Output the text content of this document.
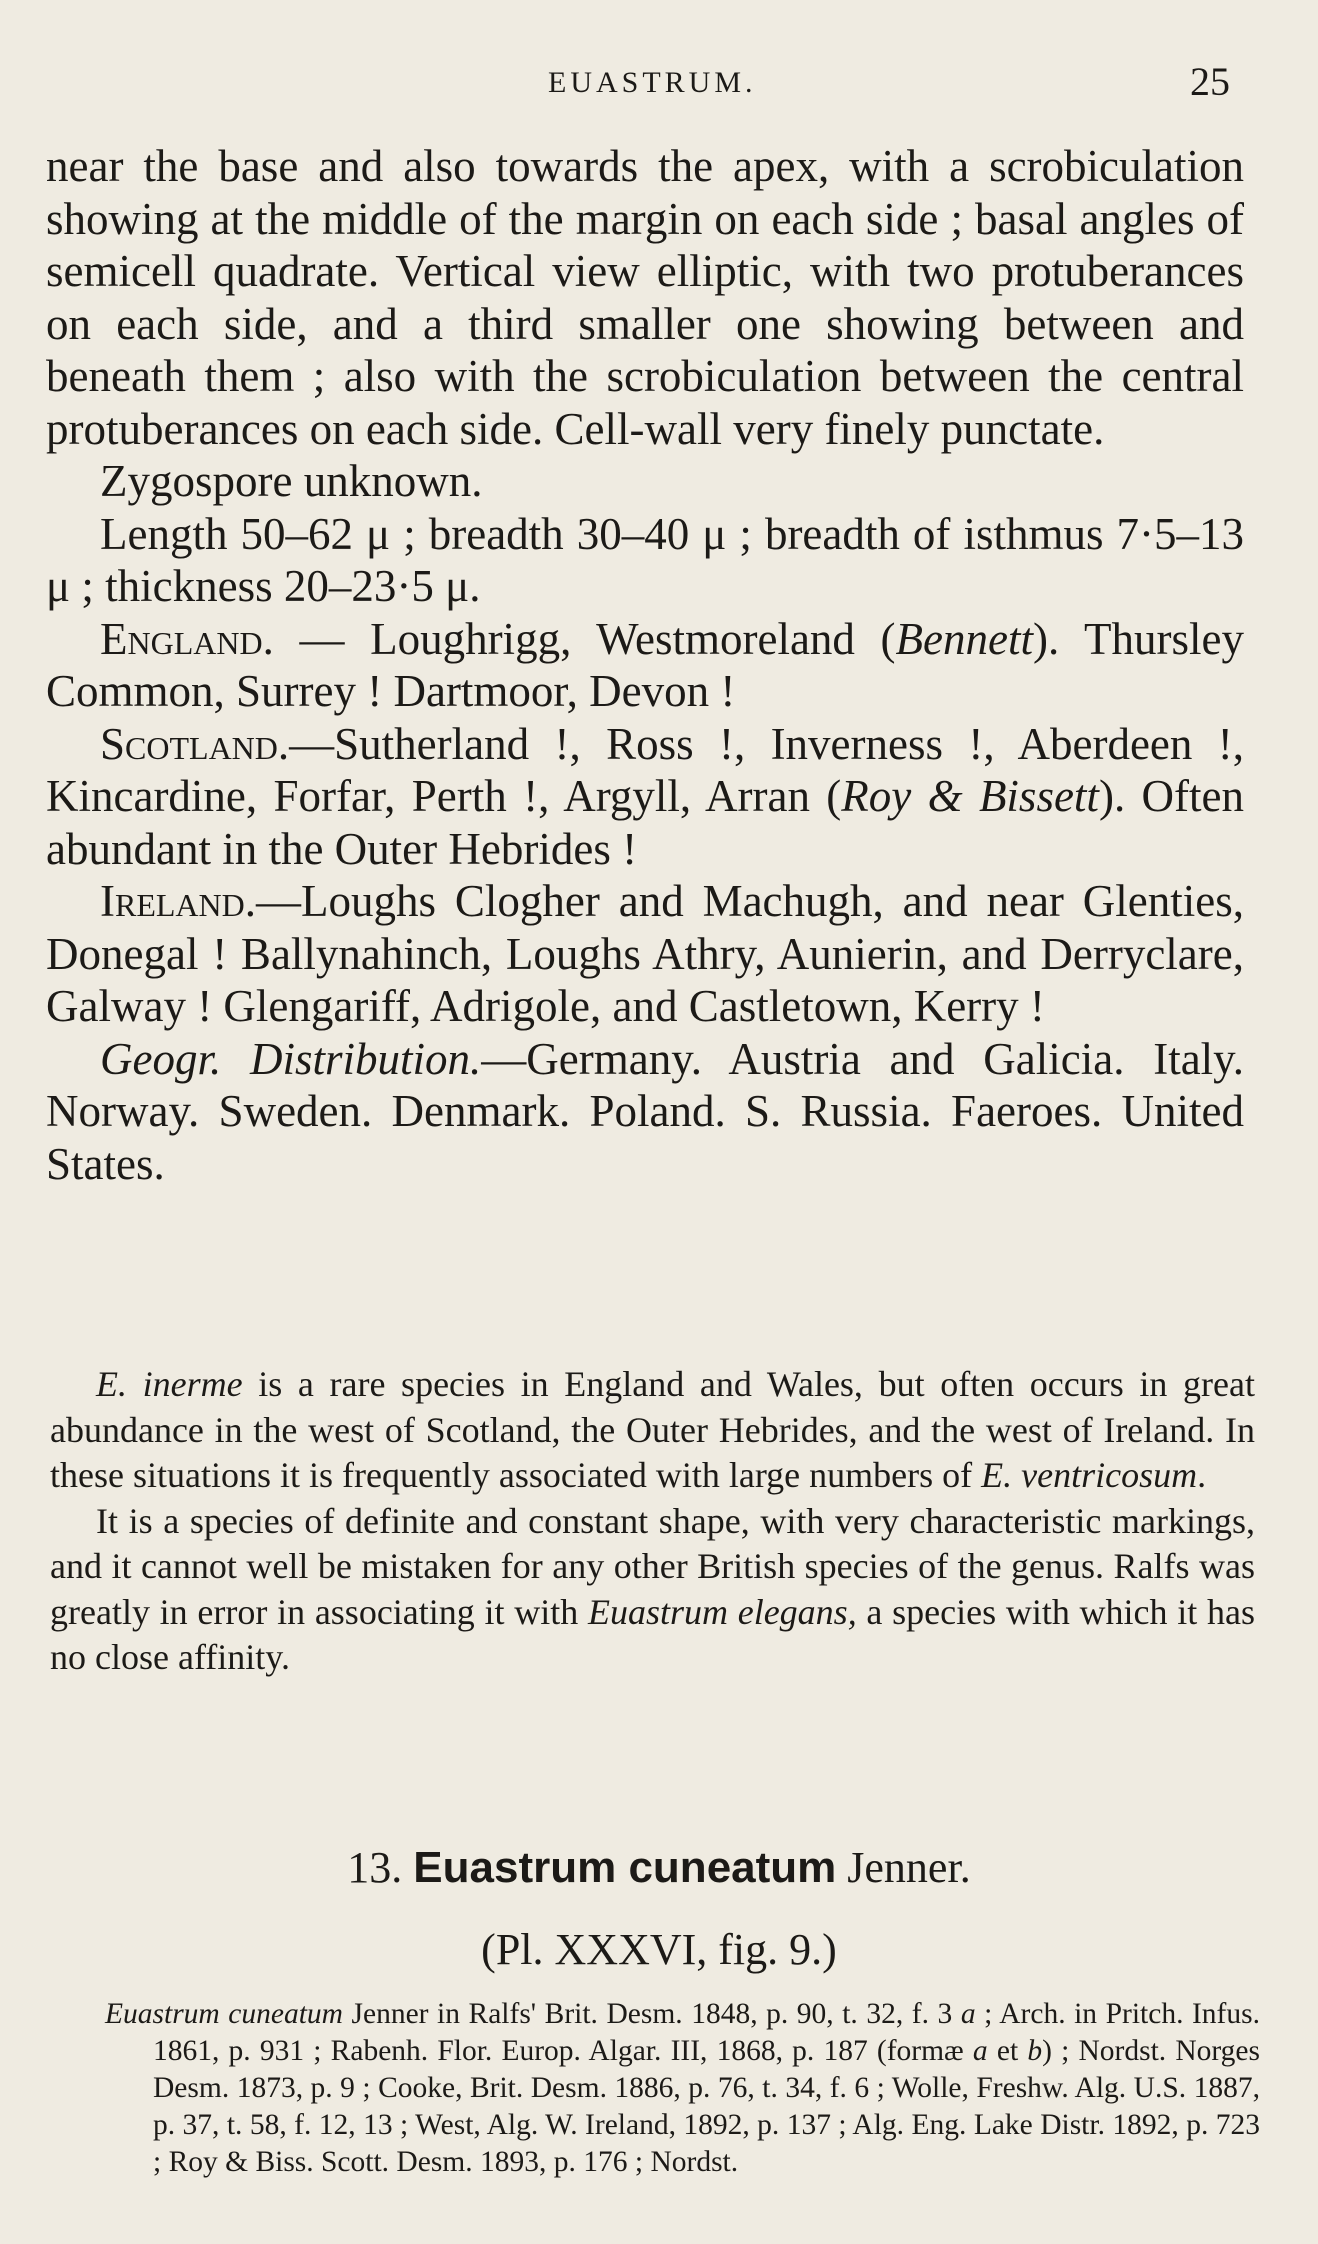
EUASTRUM.	25

near the base and also towards the apex, with a scrobiculation showing at the middle of the margin on each side ; basal angles of semicell quadrate. Vertical view elliptic, with two protuberances on each side, and a third smaller one showing between and beneath them ; also with the scrobiculation between the central protuberances on each side. Cell-wall very finely punctate.

Zygospore unknown.

Length 50–62 μ ; breadth 30–40 μ ; breadth of isthmus 7·5–13 μ ; thickness 20–23·5 μ.

England. — Loughrigg, Westmoreland (Bennett). Thursley Common, Surrey ! Dartmoor, Devon !

Scotland.—Sutherland !, Ross !, Inverness !, Aberdeen !, Kincardine, Forfar, Perth !, Argyll, Arran (Roy & Bissett). Often abundant in the Outer Hebrides !

Ireland.—Loughs Clogher and Machugh, and near Glenties, Donegal ! Ballynahinch, Loughs Athry, Aunierin, and Derryclare, Galway ! Glengariff, Adrigole, and Castletown, Kerry !

Geogr. Distribution.—Germany. Austria and Galicia. Italy. Norway. Sweden. Denmark. Poland. S. Russia. Faeroes. United States.

E. inerme is a rare species in England and Wales, but often occurs in great abundance in the west of Scotland, the Outer Hebrides, and the west of Ireland. In these situations it is frequently associated with large numbers of E. ventricosum.

It is a species of definite and constant shape, with very characteristic markings, and it cannot well be mistaken for any other British species of the genus. Ralfs was greatly in error in associating it with Euastrum elegans, a species with which it has no close affinity.

13. Euastrum cuneatum Jenner.
(Pl. XXXVI, fig. 9.)

Euastrum cuneatum Jenner in Ralfs' Brit. Desm. 1848, p. 90, t. 32, f. 3 a ; Arch. in Pritch. Infus. 1861, p. 931 ; Rabenh. Flor. Europ. Algar. III, 1868, p. 187 (formæ a et b) ; Nordst. Norges Desm. 1873, p. 9 ; Cooke, Brit. Desm. 1886, p. 76, t. 34, f. 6 ; Wolle, Freshw. Alg. U.S. 1887, p. 37, t. 58, f. 12, 13 ; West, Alg. W. Ireland, 1892, p. 137 ; Alg. Eng. Lake Distr. 1892, p. 723 ; Roy & Biss. Scott. Desm. 1893, p. 176 ; Nordst.
